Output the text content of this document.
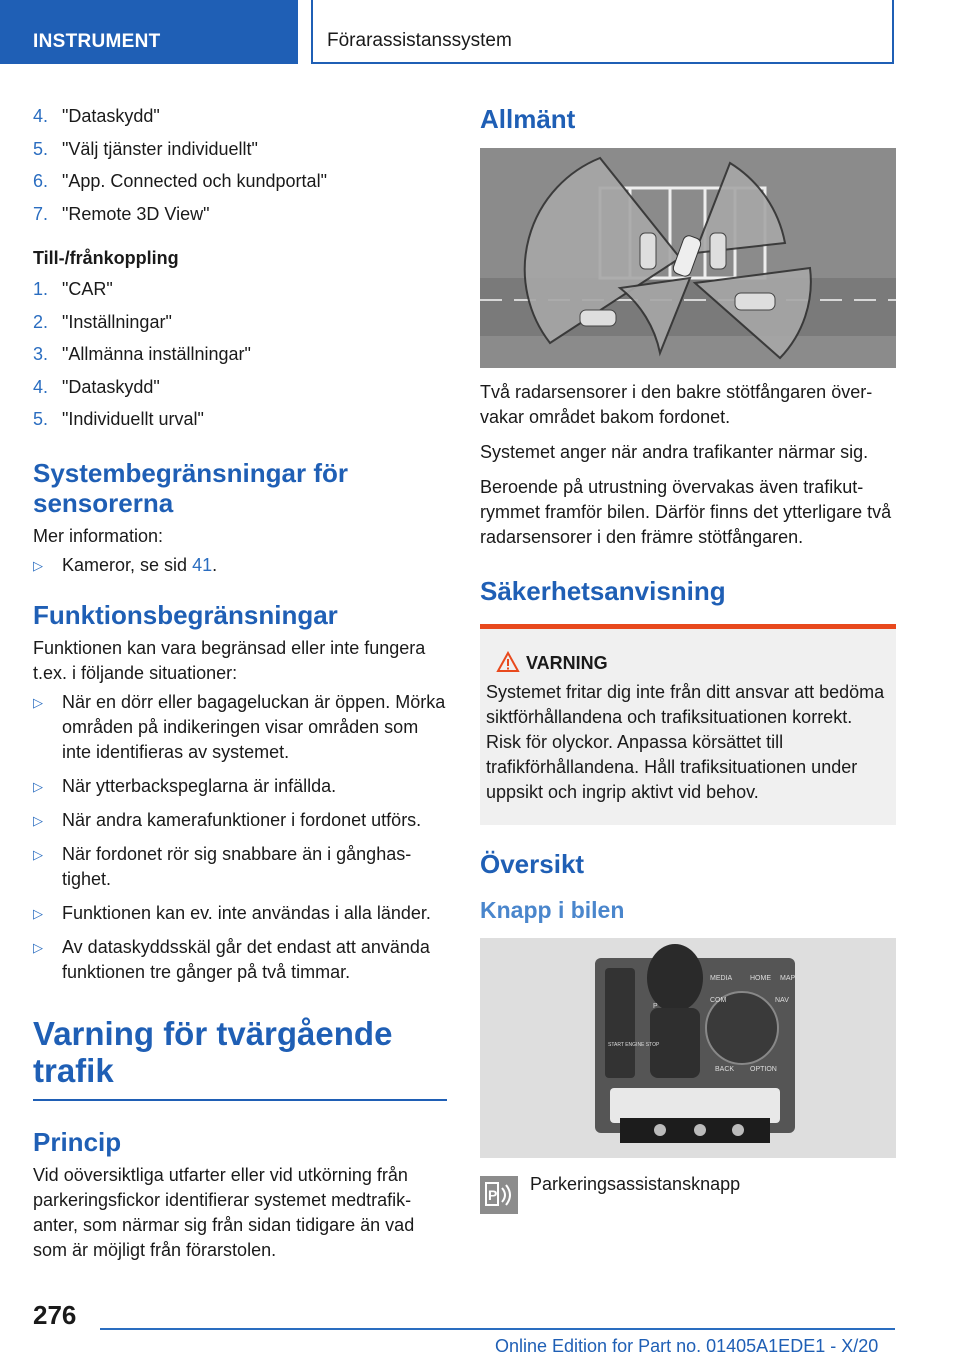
INSTRUMENT	Förarassistanssystem
4. "Dataskydd"
5. "Välj tjänster individuellt"
6. "App. Connected och kundportal"
7. "Remote 3D View"
Till-/frånkoppling
1. "CAR"
2. "Inställningar"
3. "Allmänna inställningar"
4. "Dataskydd"
5. "Individuellt urval"
Systembegränsningar för sensorerna

Mer information:

▷ Kameror, se sid 41.
Funktionsbegränsningar

Funktionen kan vara begränsad eller inte fungera t.ex. i följande situationer:

▷ När en dörr eller bagageluckan är öppen. Mörka områden på indikeringen visar områden som inte identifieras av systemet.
▷ När ytterbackspeglarna är infällda.
▷ När andra kamerafunktioner i fordonet utförs.
▷ När fordonet rör sig snabbare än i gånghastighet.
▷ Funktionen kan ev. inte användas i alla länder.
▷ Av dataskyddsskäl går det endast att använda funktionen tre gånger på två timmar.
Varning för tvärgående trafik
Princip

Vid oöversiktliga utfarter eller vid utkörning från parkeringsfickor identifierar systemet medtrafikanter, som närmar sig från sidan tidigare än vad som är möjligt från förarstolen.

Allmänt

Två radarsensorer i den bakre stötfångaren övervakar området bakom fordonet.

Systemet anger när andra trafikanter närmar sig.

Beroende på utrustning övervakas även trafikutrymmet framför bilen. Därför finns det ytterligare två radarsensorer i den främre stötfångaren.

Säkerhetsanvisning
VARNING

Systemet fritar dig inte från ditt ansvar att bedöma siktförhållandena och trafiksituationen korrekt. Risk för olyckor. Anpassa körsättet till trafikförhållandena. Håll trafiksituationen under uppsikt och ingrip aktivt vid behov.

Översikt
Knapp i bilen
MEDIA	HOME MAP
COM	NAV
BACK OPTION
START ENGINE STOP
P
P
Parkeringsassistansknapp
276
Online Edition for Part no. 01405A1EDE1 - X/20
